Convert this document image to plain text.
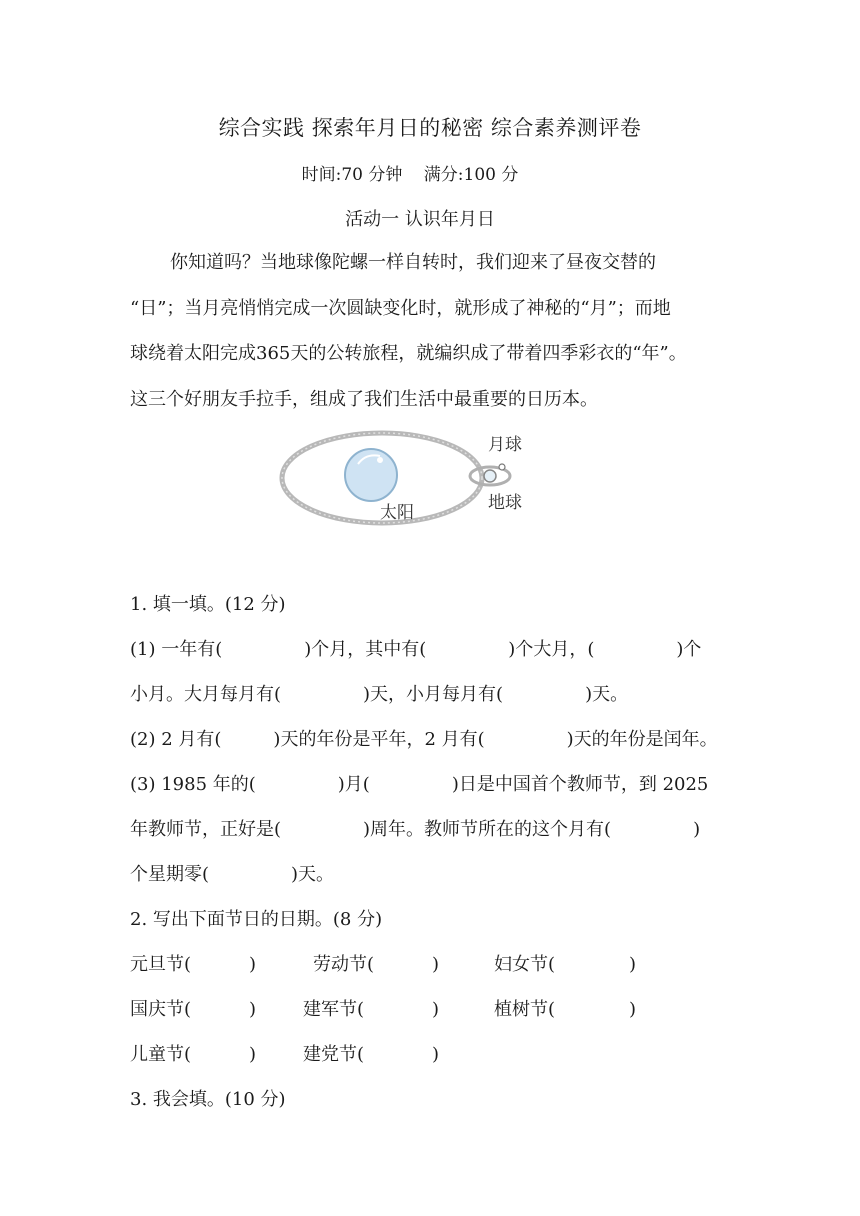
综合实践 探索年月日的秘密 综合素养测评卷
时间:70 分钟 满分:100 分
活动一 认识年月日
你知道吗？当地球像陀螺一样自转时，我们迎来了昼夜交替的
“日”；当月亮悄悄完成一次圆缺变化时，就形成了神秘的“月”；而地
球绕着太阳完成365天的公转旅程，就编织成了带着四季彩衣的“年”。
这三个好朋友手拉手，组成了我们生活中最重要的日历本。
月球
地球
太阳
1. 填一填。(12 分)
(1) 一年有(	)个月，其中有(	)个大月，(	)个
小月。大月每月有(	)天，小月每月有(	)天。
(2) 2 月有(	)天的年份是平年，2 月有(	)天的年份是闰年。
(3) 1985 年的(	)月(	)日是中国首个教师节，到 2025
年教师节，正好是(	)周年。教师节所在的这个月有(	)
个星期零(	)天。
2. 写出下面节日的日期。(8 分)
元旦节(	)	劳动节(	)	妇女节(	)
国庆节(	)	建军节(	)	植树节(	)
儿童节(	)	建党节(	)
3. 我会填。(10 分)
